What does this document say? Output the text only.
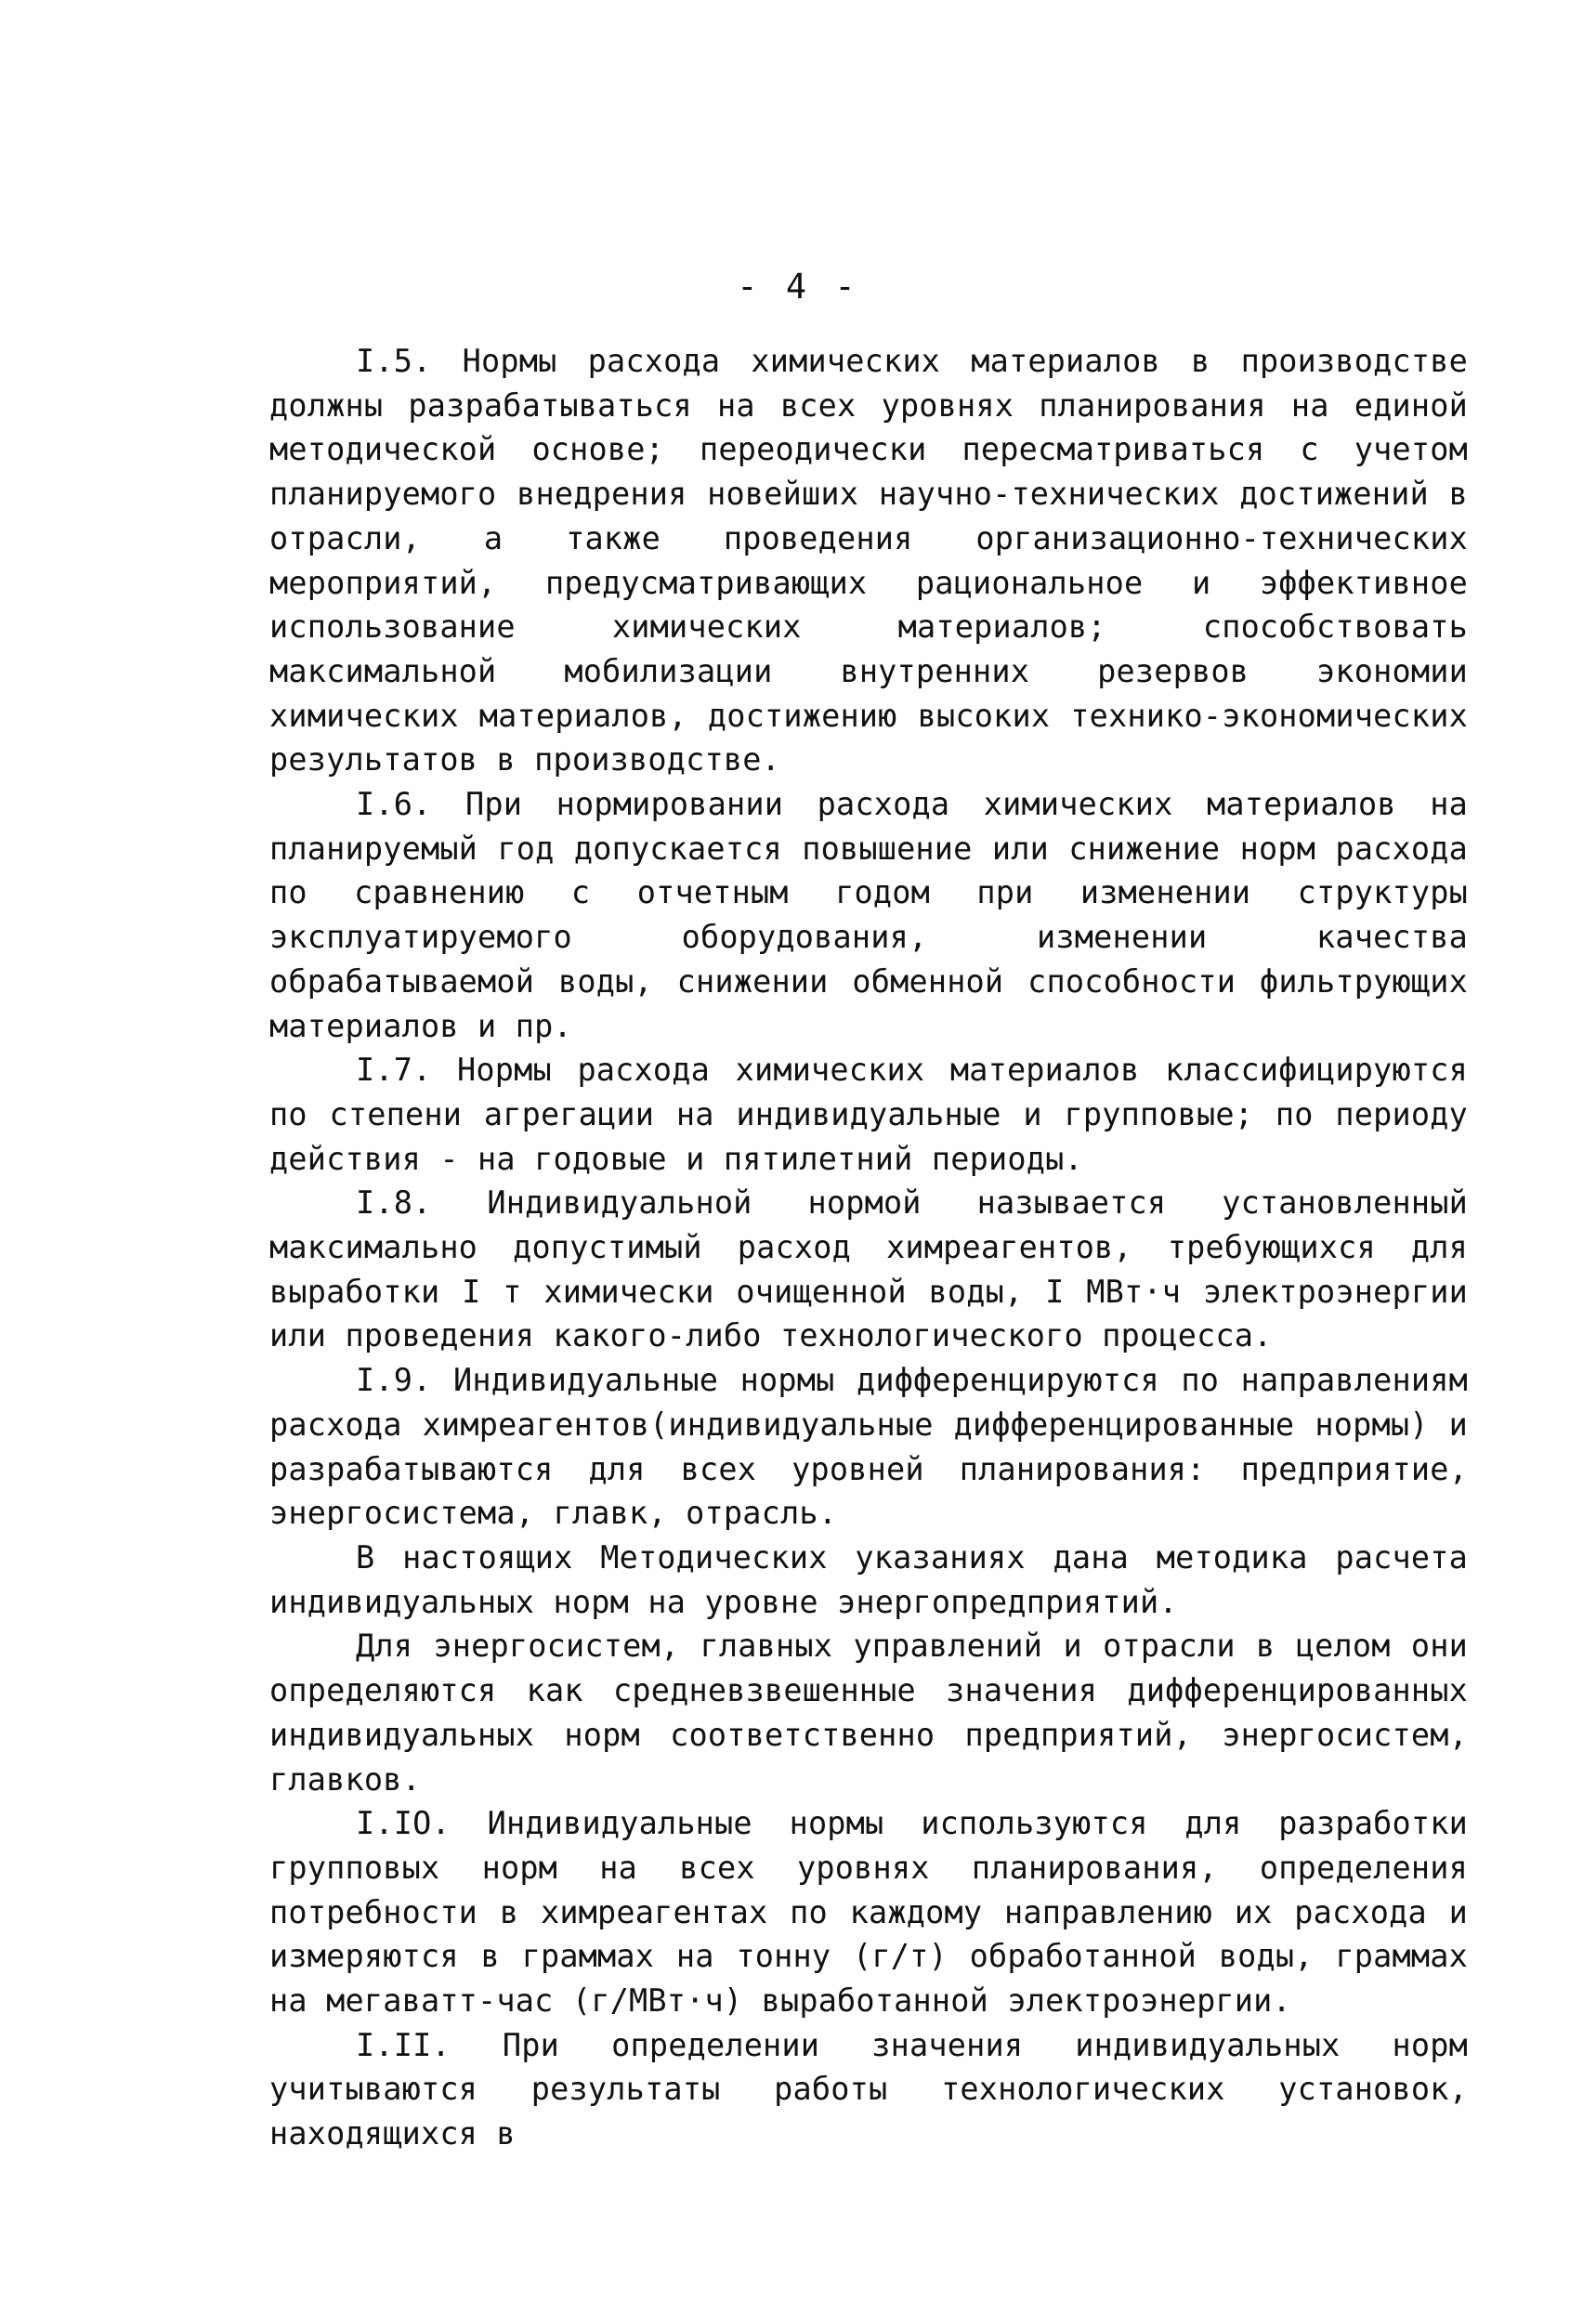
- 4 -

I.5. Нормы расхода химических материалов в производстве должны разрабатываться на всех уровнях планирования на единой методической основе; переодически пересматриваться с учетом планируемого внедрения новейших научно-технических достижений в отрасли, а также проведения организационно-технических мероприятий, предусматривающих рациональное и эффективное использование химических материалов; способствовать максимальной мобилизации внутренних резервов экономии химических материалов, достижению высоких технико-экономических результатов в производстве.

I.6. При нормировании расхода химических материалов на планируемый год допускается повышение или снижение норм расхода по сравнению с отчетным годом при изменении структуры эксплуатируемого оборудования, изменении качества обрабатываемой воды, снижении обменной способности фильтрующих материалов и пр.

I.7. Нормы расхода химических материалов классифицируются по степени агрегации на индивидуальные и групповые; по периоду действия - на годовые и пятилетний периоды.

I.8. Индивидуальной нормой называется установленный максимально допустимый расход химреагентов, требующихся для выработки I т химически очищенной воды, I МВт·ч электроэнергии или проведения какого-либо технологического процесса.

I.9. Индивидуальные нормы дифференцируются по направлениям расхода химреагентов(индивидуальные дифференцированные нормы) и разрабатываются для всех уровней планирования: предприятие, энергосистема, главк, отрасль.

В настоящих Методических указаниях дана методика расчета индивидуальных норм на уровне энергопредприятий.

Для энергосистем, главных управлений и отрасли в целом они определяются как средневзвешенные значения дифференцированных индивидуальных норм соответственно предприятий, энергосистем, главков.

I.IO. Индивидуальные нормы используются для разработки групповых норм на всех уровнях планирования, определения потребности в химреагентах по каждому направлению их расхода и измеряются в граммах на тонну (г/т) обработанной воды, граммах на мегаватт-час (г/МВт·ч) выработанной электроэнергии.

I.II. При определении значения индивидуальных норм учитываются результаты работы технологических установок, находящихся в
